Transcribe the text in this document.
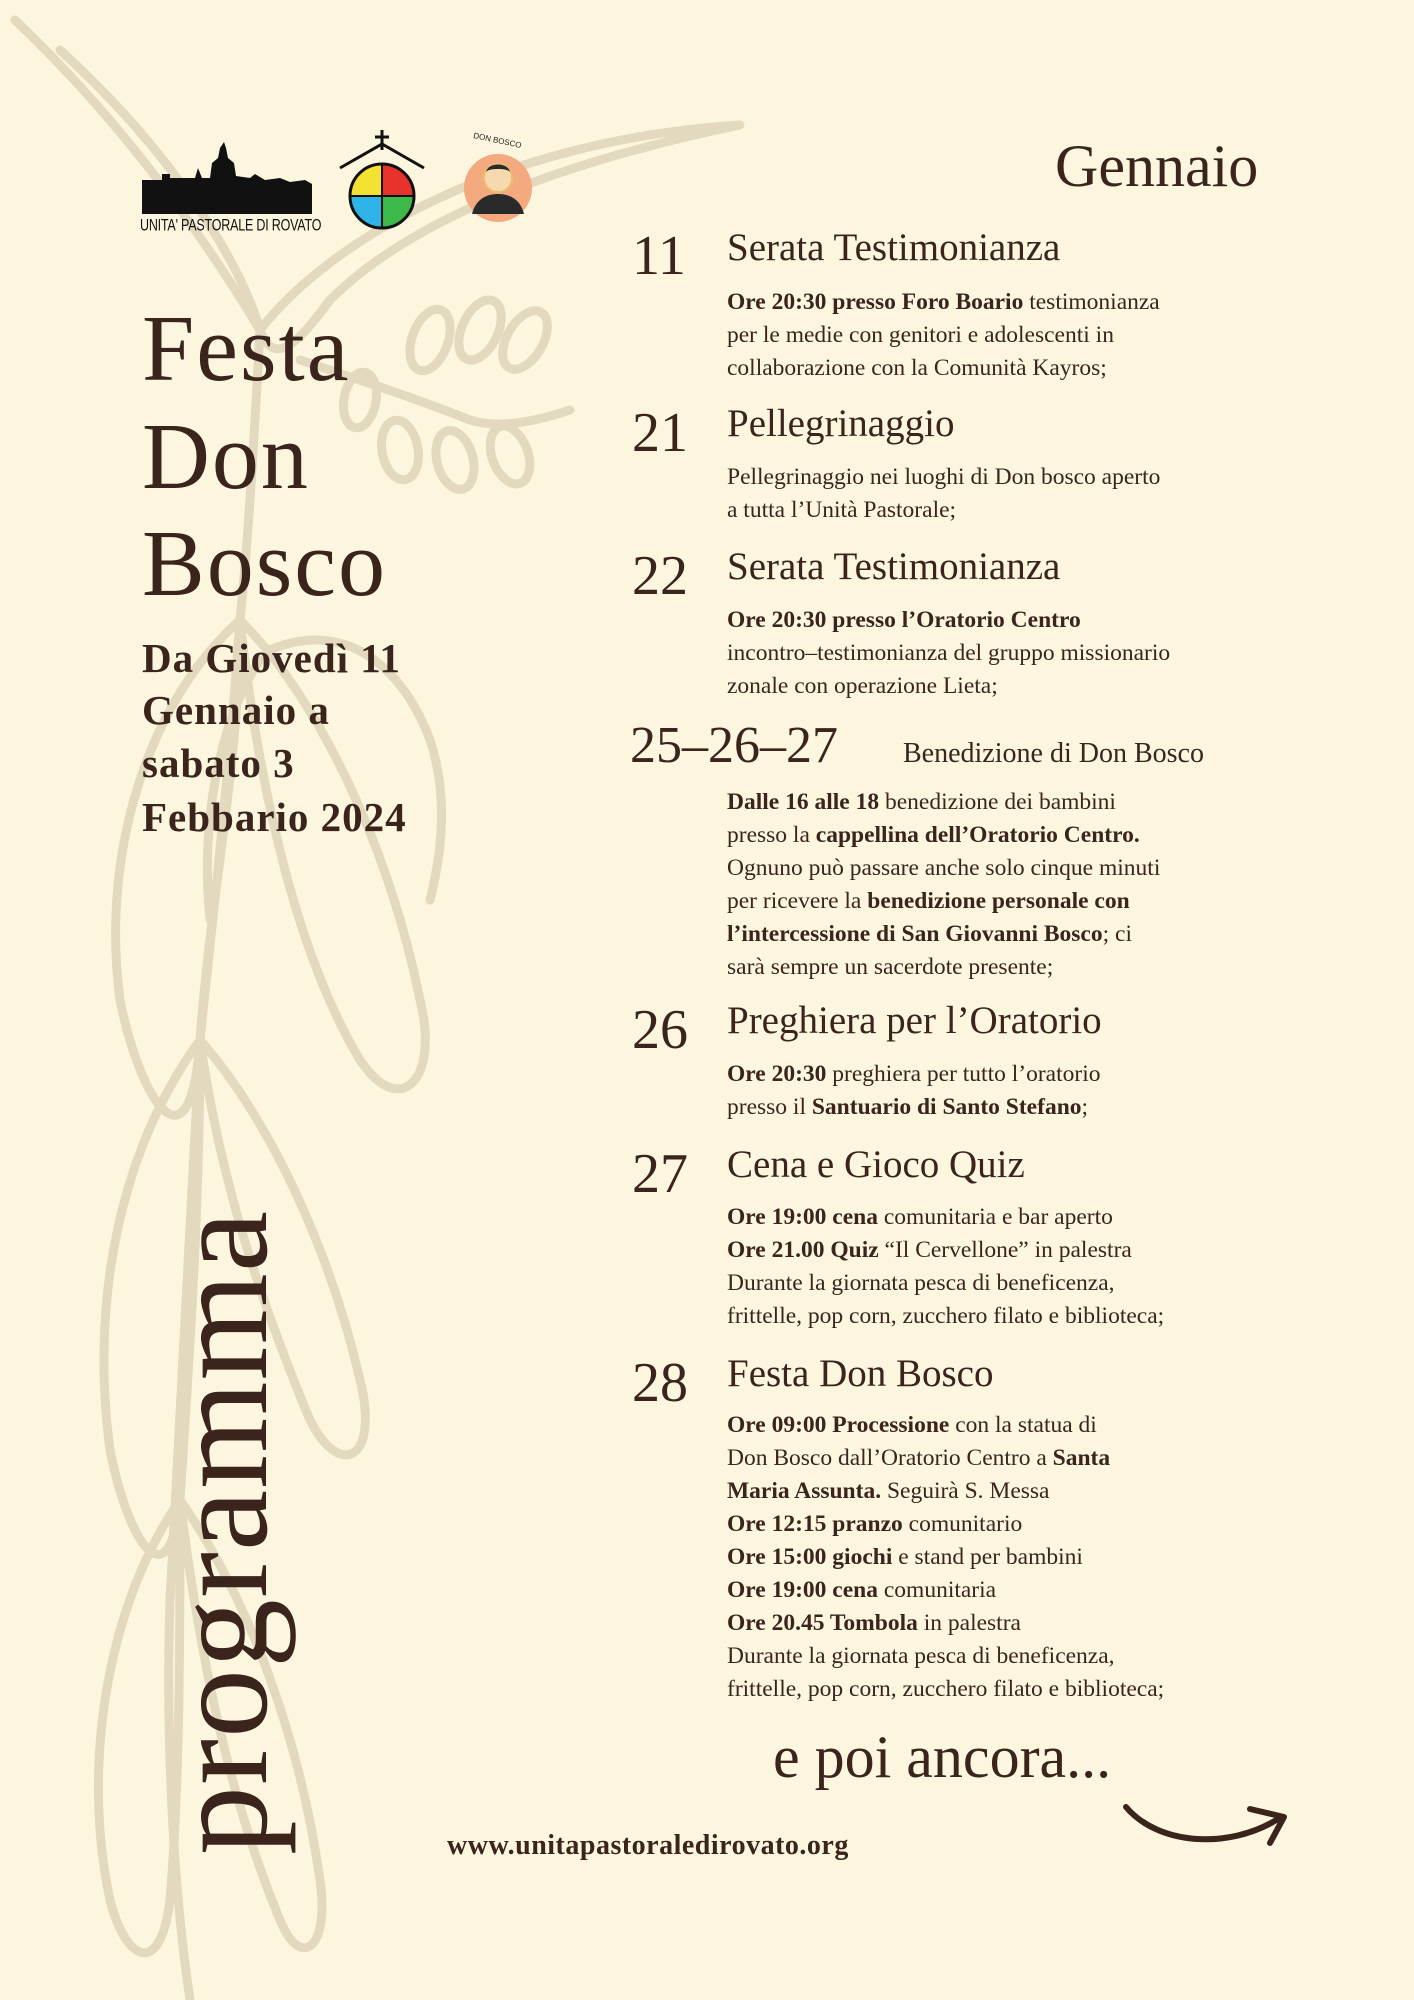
UNITA' PASTORALE DI ROVATO
DON BOSCO
Festa
Don
Bosco
Da Giovedì 11
Gennaio a
sabato 3
Febbario 2024
programma
Gennaio
11 Serata Testimonianza
Ore 20:30 presso Foro Boario testimonianza
per le medie con genitori e adolescenti in
collaborazione con la Comunità Kayros;
21 Pellegrinaggio
Pellegrinaggio nei luoghi di Don bosco aperto
a tutta l’Unità Pastorale;
22 Serata Testimonianza
Ore 20:30 presso l’Oratorio Centro
incontro–testimonianza del gruppo missionario
zonale con operazione Lieta;
25–26–27 Benedizione di Don Bosco
Dalle 16 alle 18 benedizione dei bambini
presso la cappellina dell’Oratorio Centro.
Ognuno può passare anche solo cinque minuti
per ricevere la benedizione personale con
l’intercessione di San Giovanni Bosco; ci
sarà sempre un sacerdote presente;
26 Preghiera per l’Oratorio
Ore 20:30 preghiera per tutto l’oratorio
presso il Santuario di Santo Stefano;
27 Cena e Gioco Quiz
Ore 19:00 cena comunitaria e bar aperto
Ore 21.00 Quiz “Il Cervellone” in palestra
Durante la giornata pesca di beneficenza,
frittelle, pop corn, zucchero filato e biblioteca;
28 Festa Don Bosco
Ore 09:00 Processione con la statua di
Don Bosco dall’Oratorio Centro a Santa
Maria Assunta. Seguirà S. Messa
Ore 12:15 pranzo comunitario
Ore 15:00 giochi e stand per bambini
Ore 19:00 cena comunitaria
Ore 20.45 Tombola in palestra
Durante la giornata pesca di beneficenza,
frittelle, pop corn, zucchero filato e biblioteca;
e poi ancora...
www.unitapastoraledirovato.org
